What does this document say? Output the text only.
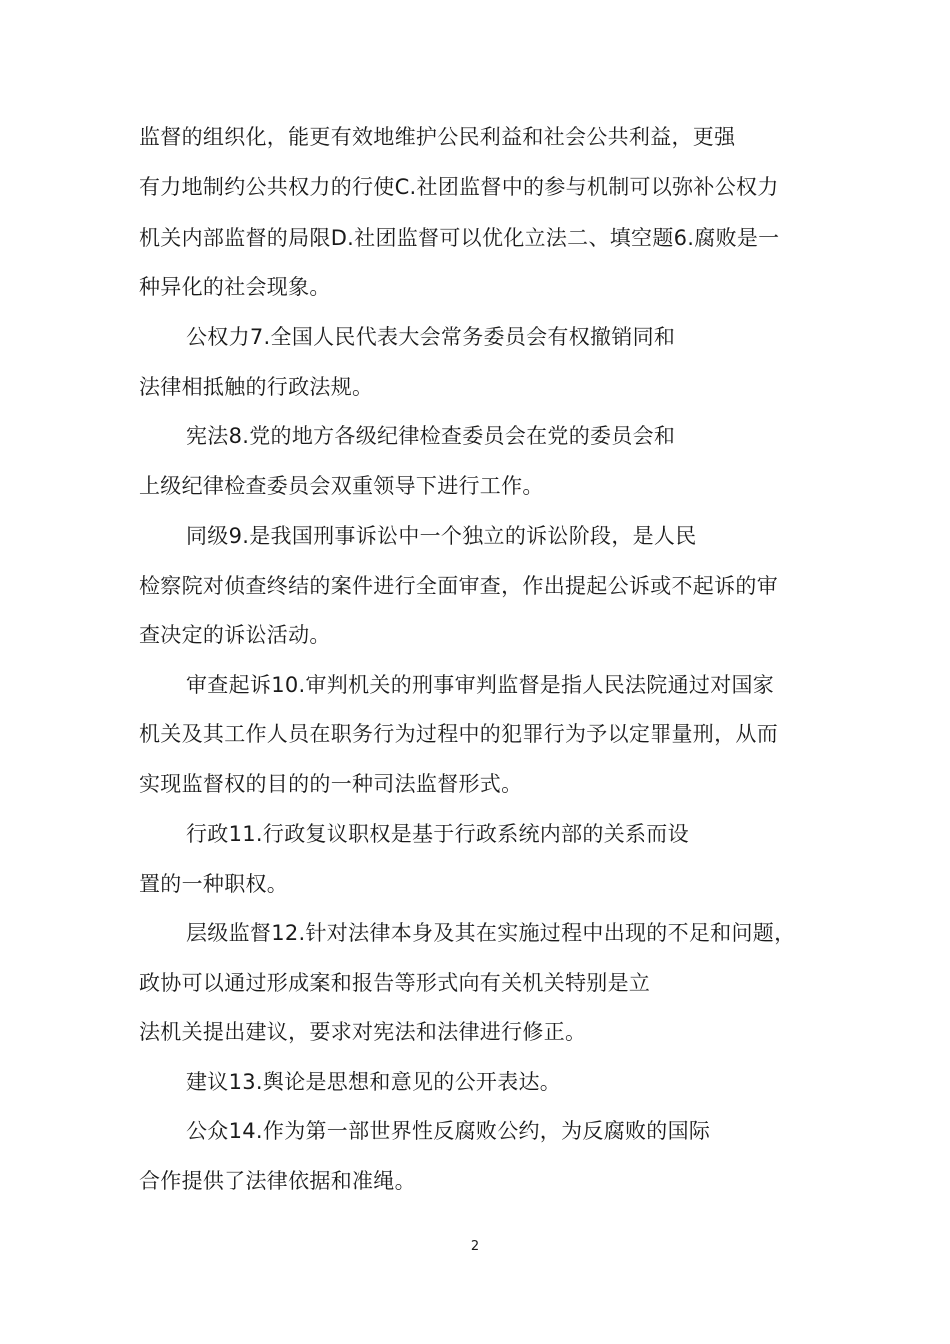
监督的组织化，能更有效地维护公民利益和社会公共利益，更强
有力地制约公共权力的行使C.社团监督中的参与机制可以弥补公权力
机关内部监督的局限D.社团监督可以优化立法二、填空题6.腐败是一
种异化的社会现象。
公权力7.全国人民代表大会常务委员会有权撤销同和
法律相抵触的行政法规。
宪法8.党的地方各级纪律检查委员会在党的委员会和
上级纪律检查委员会双重领导下进行工作。
同级9.是我国刑事诉讼中一个独立的诉讼阶段，是人民
检察院对侦查终结的案件进行全面审查，作出提起公诉或不起诉的审
查决定的诉讼活动。
审查起诉10.审判机关的刑事审判监督是指人民法院通过对国家
机关及其工作人员在职务行为过程中的犯罪行为予以定罪量刑，从而
实现监督权的目的的一种司法监督形式。
行政11.行政复议职权是基于行政系统内部的关系而设
置的一种职权。
层级监督12.针对法律本身及其在实施过程中出现的不足和问题，
政协可以通过形成案和报告等形式向有关机关特别是立
法机关提出建议，要求对宪法和法律进行修正。
建议13.舆论是思想和意见的公开表达。
公众14.作为第一部世界性反腐败公约，为反腐败的国际
合作提供了法律依据和准绳。
2
